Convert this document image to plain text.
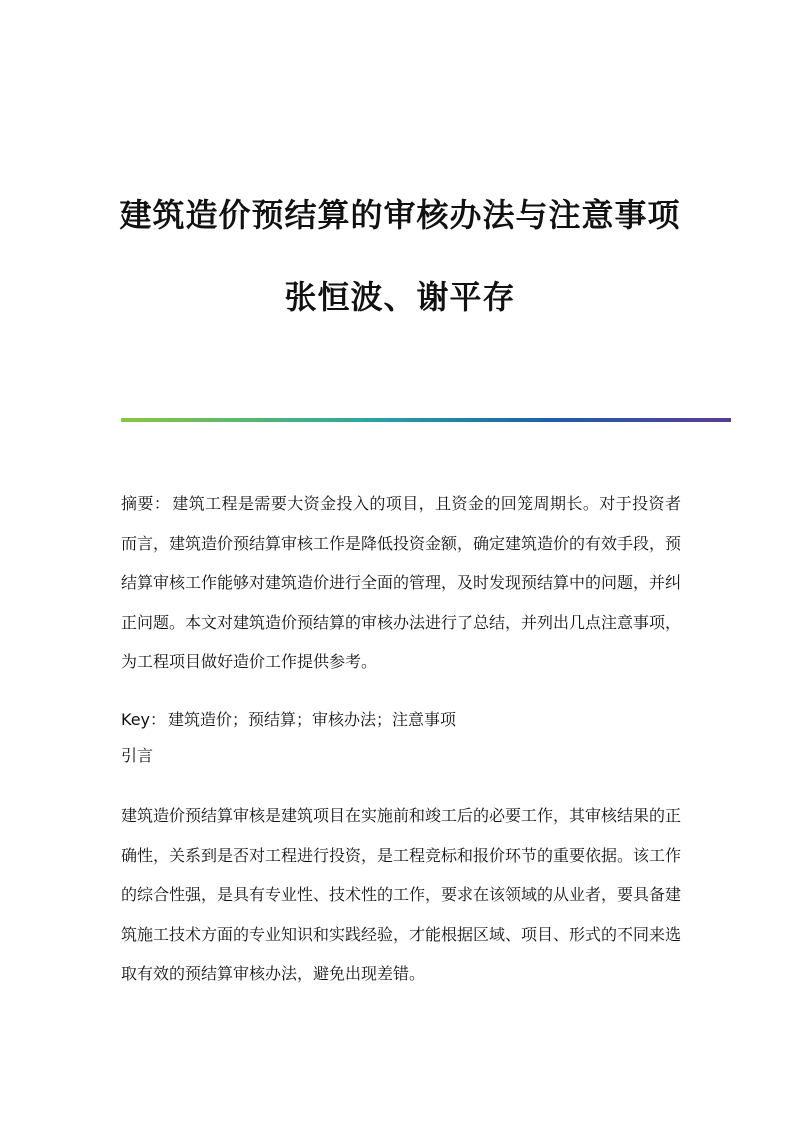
建筑造价预结算的审核办法与注意事项
张恒波、谢平存
摘要： 建筑工程是需要大资金投入的项目，且资金的回笼周期长。对于投资者而言，建筑造价预结算审核工作是降低投资金额，确定建筑造价的有效手段，预结算审核工作能够对建筑造价进行全面的管理，及时发现预结算中的问题，并纠正问题。本文对建筑造价预结算的审核办法进行了总结，并列出几点注意事项，为工程项目做好造价工作提供参考。
Key： 建筑造价；预结算；审核办法；注意事项
引言
建筑造价预结算审核是建筑项目在实施前和竣工后的必要工作，其审核结果的正确性，关系到是否对工程进行投资，是工程竞标和报价环节的重要依据。该工作的综合性强，是具有专业性、技术性的工作，要求在该领域的从业者，要具备建筑施工技术方面的专业知识和实践经验，才能根据区域、项目、形式的不同来选取有效的预结算审核办法，避免出现差错。
